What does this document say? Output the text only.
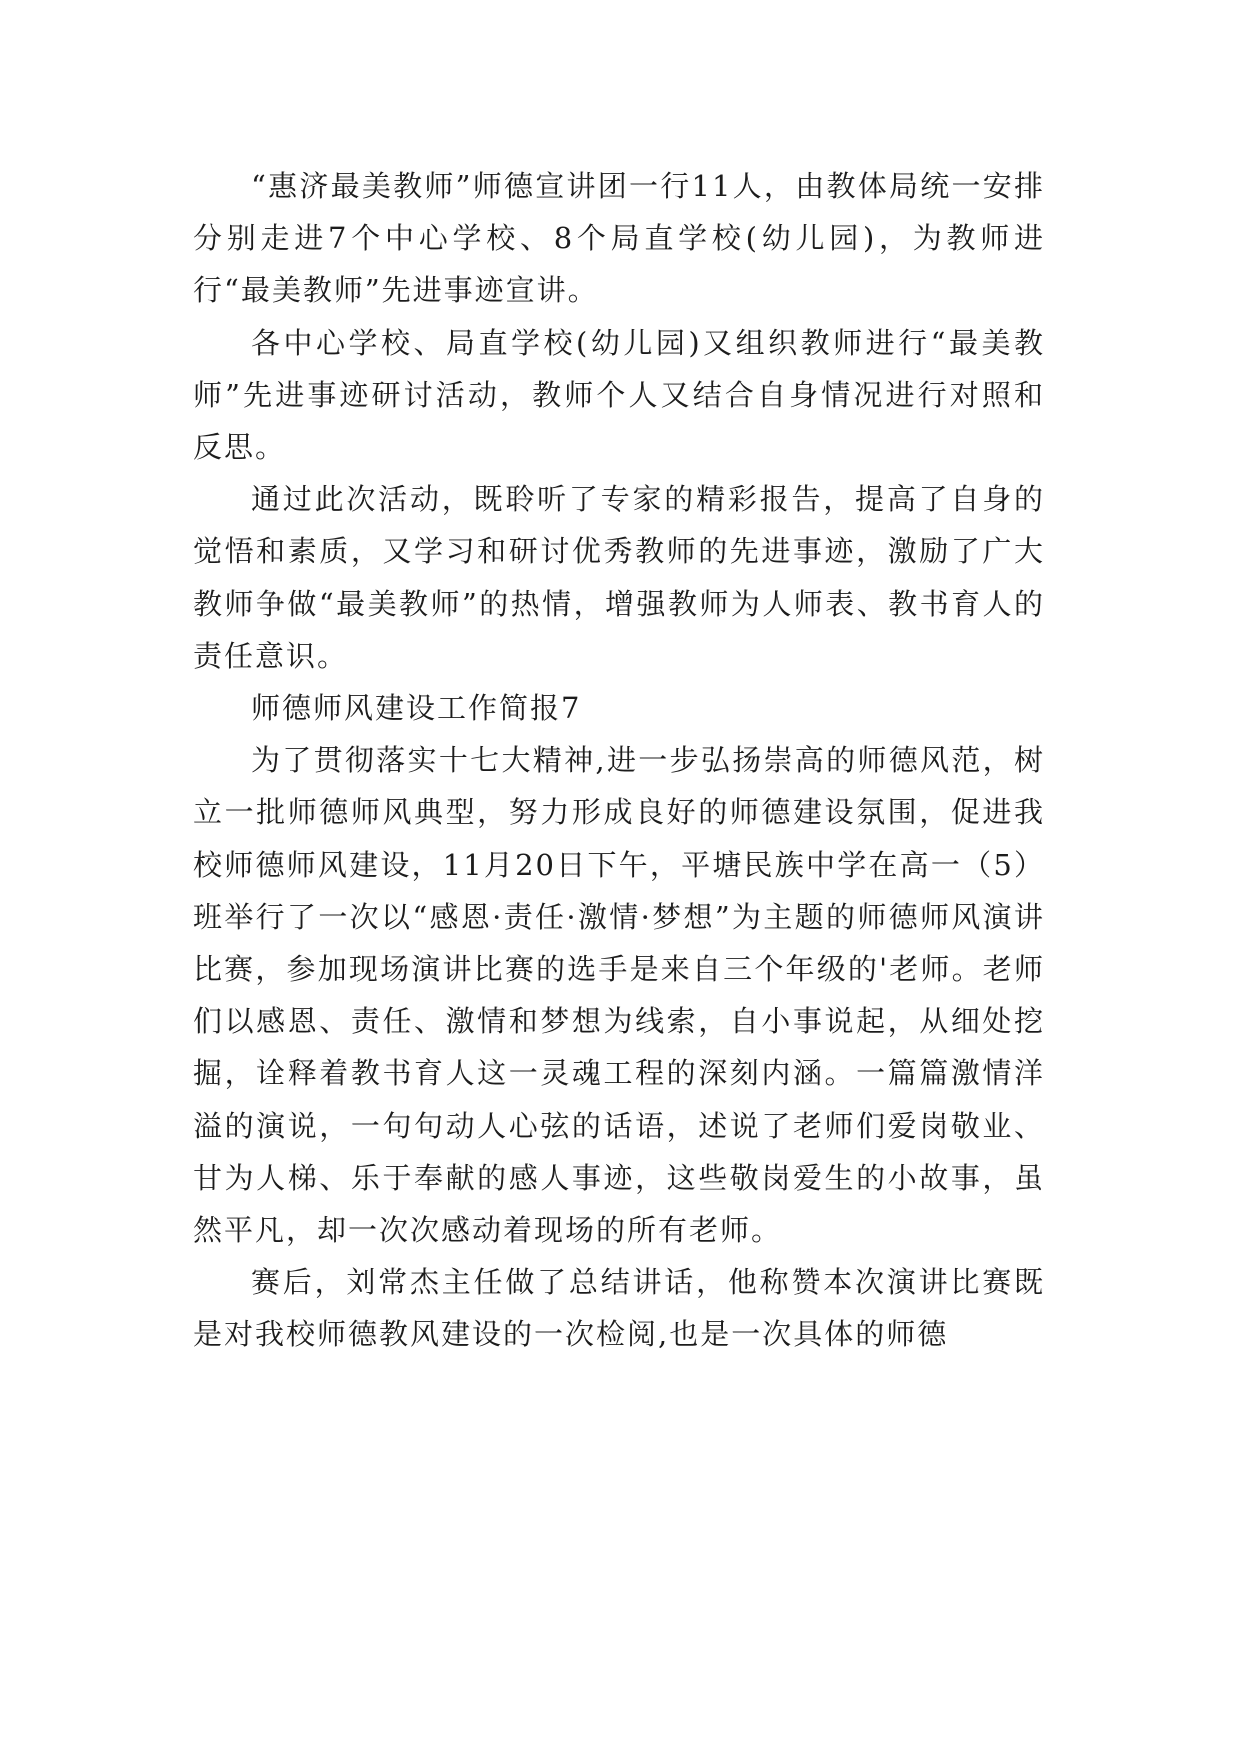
“惠济最美教师”师德宣讲团一行11人，由教体局统一安排分别走进7个中心学校、8个局直学校(幼儿园)，为教师进行“最美教师”先进事迹宣讲。

各中心学校、局直学校(幼儿园)又组织教师进行“最美教师”先进事迹研讨活动，教师个人又结合自身情况进行对照和反思。

通过此次活动，既聆听了专家的精彩报告，提高了自身的觉悟和素质，又学习和研讨优秀教师的先进事迹，激励了广大教师争做“最美教师”的热情，增强教师为人师表、教书育人的责任意识。

师德师风建设工作简报7

为了贯彻落实十七大精神,进一步弘扬崇高的师德风范，树立一批师德师风典型，努力形成良好的师德建设氛围，促进我校师德师风建设，11月20日下午，平塘民族中学在高一（5）班举行了一次以“感恩·责任·激情·梦想”为主题的师德师风演讲比赛，参加现场演讲比赛的选手是来自三个年级的'老师。老师们以感恩、责任、激情和梦想为线索，自小事说起，从细处挖掘，诠释着教书育人这一灵魂工程的深刻内涵。一篇篇激情洋溢的演说，一句句动人心弦的话语，述说了老师们爱岗敬业、甘为人梯、乐于奉献的感人事迹，这些敬岗爱生的小故事，虽然平凡，却一次次感动着现场的所有老师。

赛后，刘常杰主任做了总结讲话，他称赞本次演讲比赛既是对我校师德教风建设的一次检阅,也是一次具体的师德
